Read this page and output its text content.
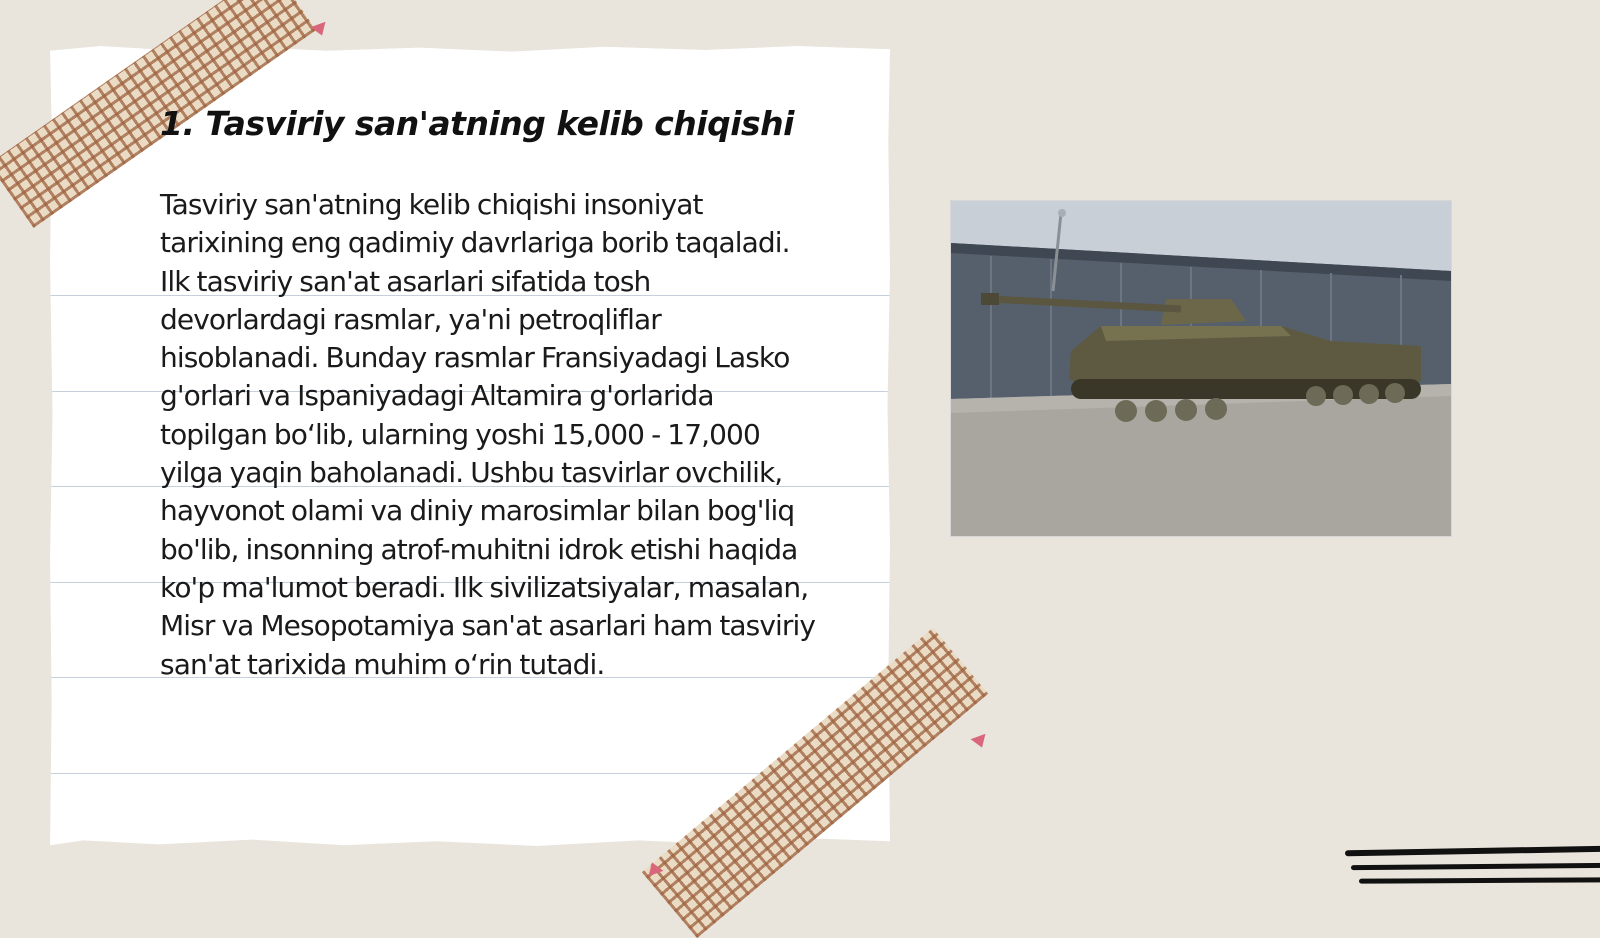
1. Tasviriy san'atning kelib chiqishi

Tasviriy san'atning kelib chiqishi insoniyat tarixining eng qadimiy davrlariga borib taqaladi. Ilk tasviriy san'at asarlari sifatida tosh devorlardagi rasmlar, ya'ni petroqliflar hisoblanadi. Bunday rasmlar Fransiyadagi Lasko g'orlari va Ispaniyadagi Altamira g'orlarida topilgan bo‘lib, ularning yoshi 15,000 - 17,000 yilga yaqin baholanadi. Ushbu tasvirlar ovchilik, hayvonot olami va diniy marosimlar bilan bog'liq bo'lib, insonning atrof-muhitni idrok etishi haqida ko'p ma'lumot beradi. Ilk sivilizatsiyalar, masalan, Misr va Mesopotamiya san'at asarlari ham tasviriy san'at tarixida muhim o‘rin tutadi.
